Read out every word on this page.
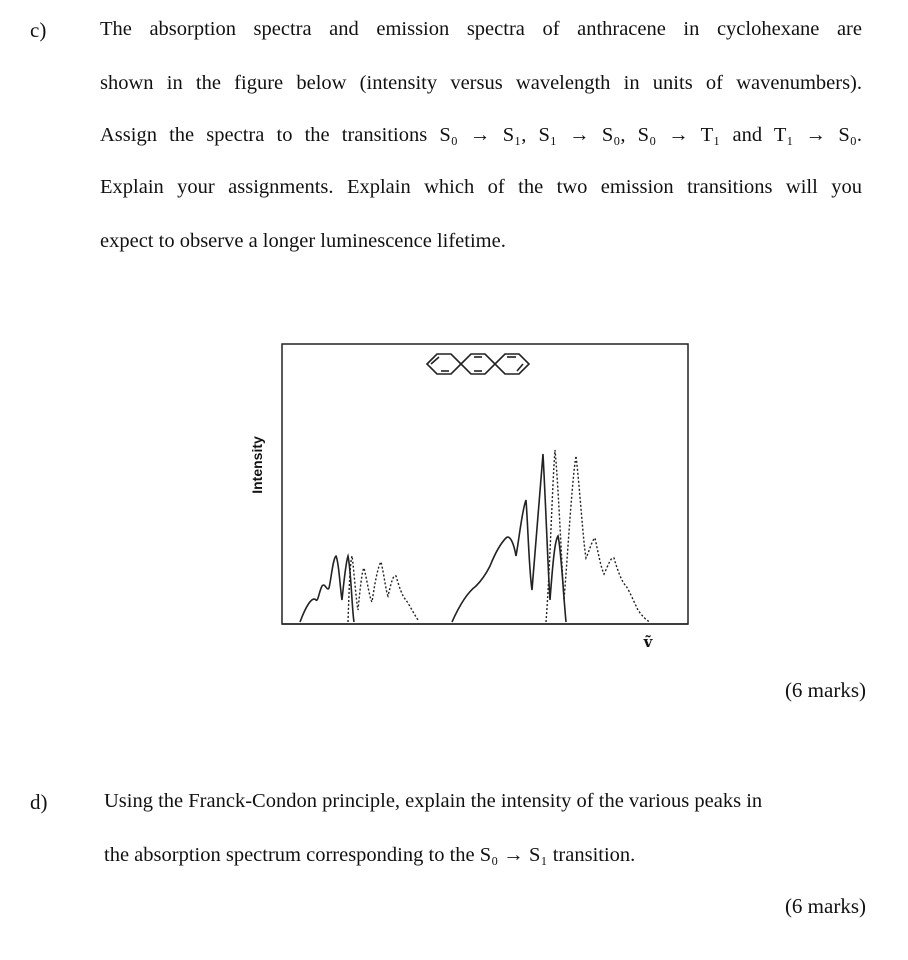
c)	The absorption spectra and emission spectra of anthracene in cyclohexane are
shown in the figure below (intensity versus wavelength in units of wavenumbers).
Assign the spectra to the transitions S₀ → S₁, S₁ → S₀, S₀ → T₁ and T₁ → S₀.
Explain your assignments. Explain which of the two emission transitions will you
expect to observe a longer luminescence lifetime.
Intensity
ṽ
(6 marks)
d)	Using the Franck-Condon principle, explain the intensity of the various peaks in
the absorption spectrum corresponding to the S₀ → S₁ transition.
(6 marks)
